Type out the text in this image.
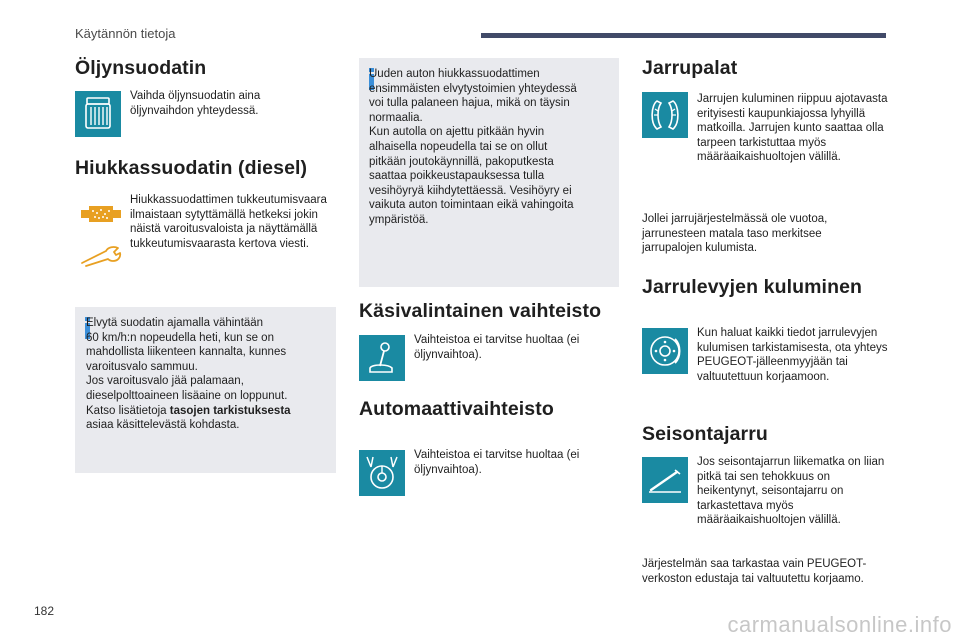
Käytännön tietoja
Öljynsuodatin
Vaihda öljynsuodatin aina öljynvaihdon yhteydessä.
Hiukkassuodatin (diesel)
Hiukkassuodattimen tukkeutumisvaara ilmaistaan sytyttämällä hetkeksi jokin näistä varoitusvaloista ja näyttämällä tukkeutumisvaarasta kertova viesti.
Elvytä suodatin ajamalla vähintään
60 km/h:n nopeudella heti, kun se on
mahdollista liikenteen kannalta, kunnes
varoitusvalo sammuu.
Jos varoitusvalo jää palamaan,
dieselpolttoaineen lisäaine on loppunut.
Katso lisätietoja tasojen tarkistuksesta
asiaa käsittelevästä kohdasta.
Uuden auton hiukkassuodattimen
ensimmäisten elvytystoimien yhteydessä
voi tulla palaneen hajua, mikä on täysin
normaalia.
Kun autolla on ajettu pitkään hyvin
alhaisella nopeudella tai se on ollut
pitkään joutokäynnillä, pakoputkesta
saattaa poikkeustapauksessa tulla
vesihöyryä kiihdytettäessä. Vesihöyry ei
vaikuta auton toimintaan eikä vahingoita
ympäristöä.
Käsivalintainen vaihteisto
Vaihteistoa ei tarvitse huoltaa (ei öljynvaihtoa).
Automaattivaihteisto
Vaihteistoa ei tarvitse huoltaa (ei öljynvaihtoa).
Jarrupalat
Jarrujen kuluminen riippuu ajotavasta erityisesti kaupunkiajossa lyhyillä matkoilla. Jarrujen kunto saattaa olla tarpeen tarkistuttaa myös määräaikaishuoltojen välillä.
Jollei jarrujärjestelmässä ole vuotoa, jarrunesteen matala taso merkitsee jarrupalojen kulumista.
Jarrulevyjen kuluminen
Kun haluat kaikki tiedot jarrulevyjen kulumisen tarkistamisesta, ota yhteys PEUGEOT-jälleenmyyjään tai valtuutettuun korjaamoon.
Seisontajarru
Jos seisontajarrun liikematka on liian pitkä tai sen tehokkuus on heikentynyt, seisontajarru on tarkastettava myös määräaikaishuoltojen välillä.
Järjestelmän saa tarkastaa vain PEUGEOT-verkoston edustaja tai valtuutettu korjaamo.
182
carmanualsonline.info
